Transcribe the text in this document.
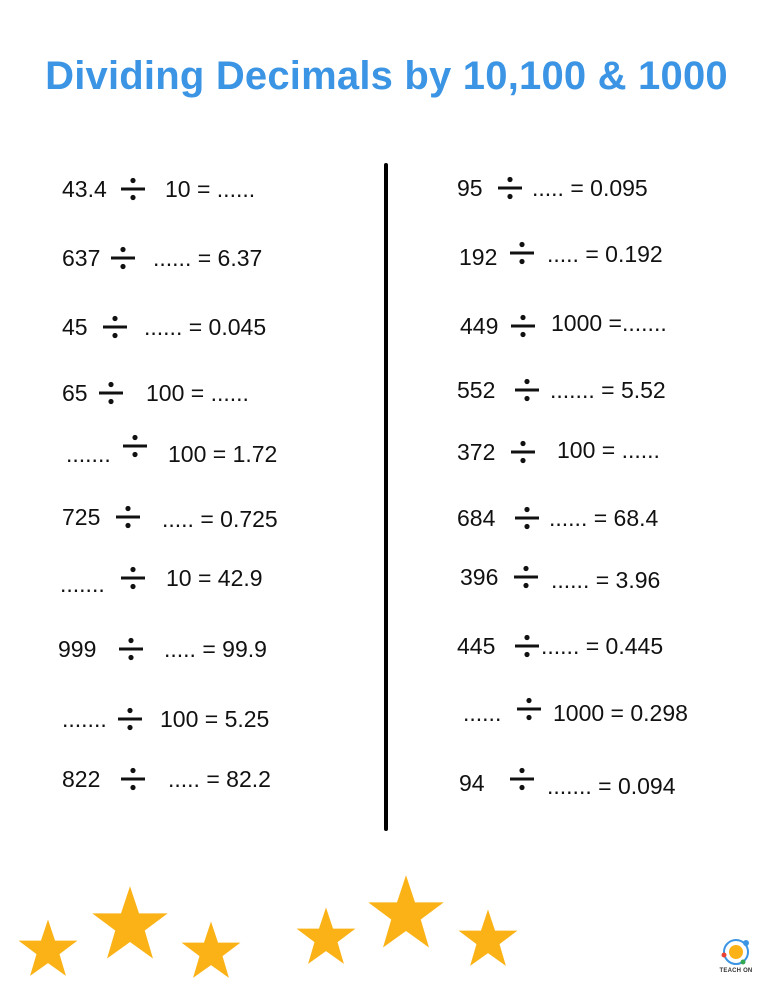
Dividing Decimals by 10,100 & 1000
43.4	10 = ......
637 ...... = 6.37
45 ...... = 0.045
65	100 = ......
....... 100 = 1.72
725	..... = 0.725
.......	10 = 42.9
999	..... = 99.9
....... 100 = 5.25
822	..... = 82.2
95 ..... = 0.095
192 ..... = 0.192
449 1000 =.......
552 ....... = 5.52
372	100 = ......
684 ...... = 68.4
396 ...... = 3.96
445 ...... = 0.445
...... 1000 = 0.298
94	....... = 0.094
TEACH ON
